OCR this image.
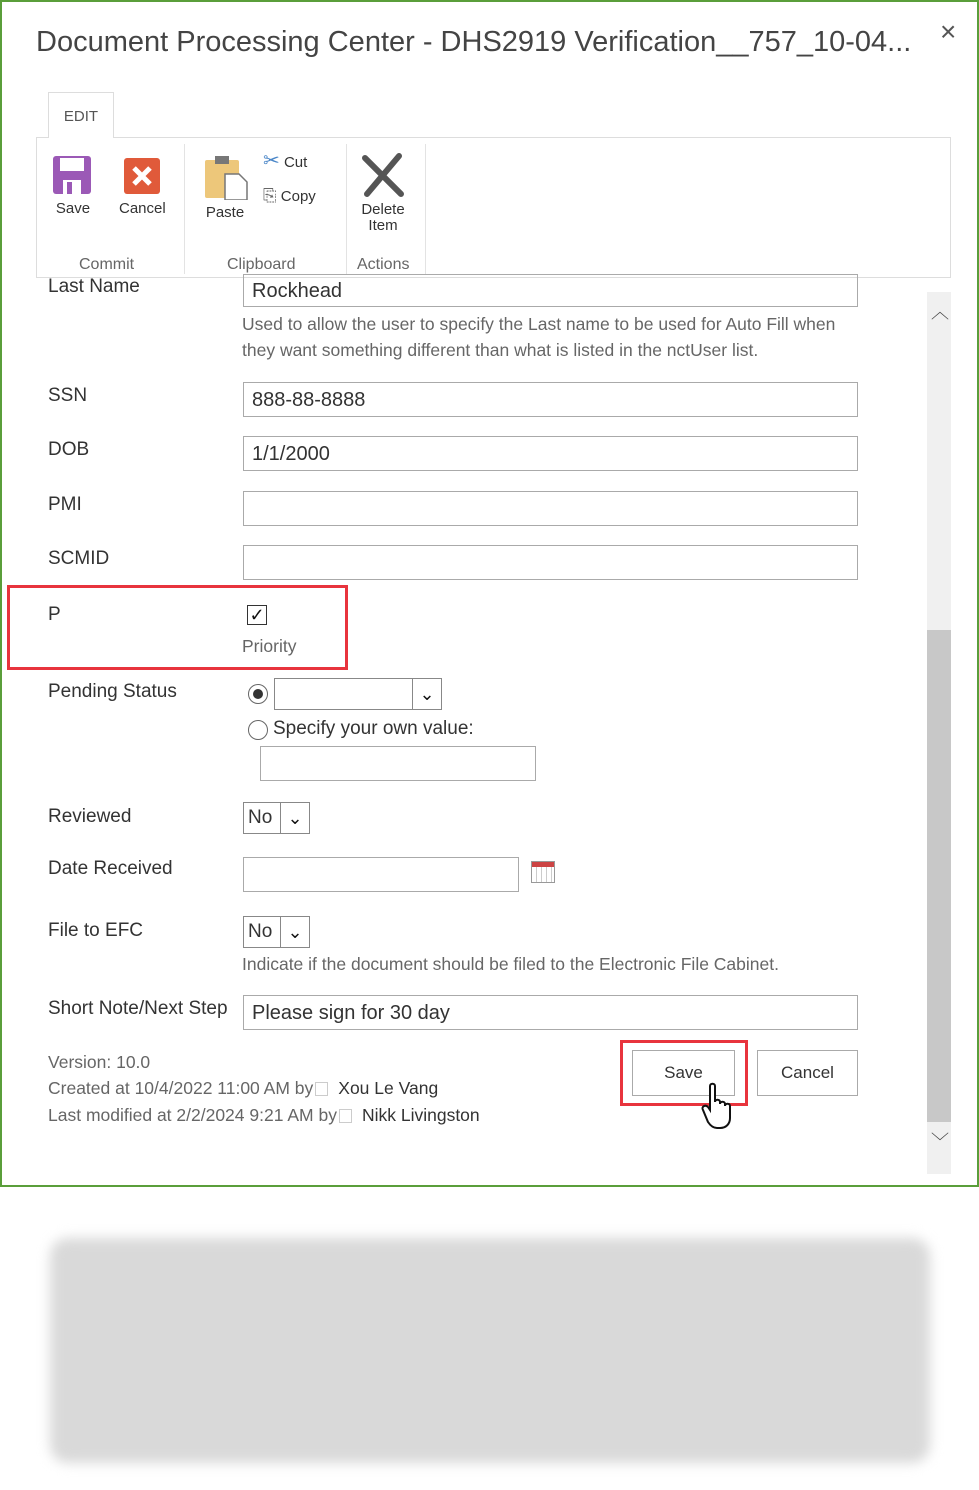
Document Processing Center - DHS2919 Verification__757_10-04... ×
EDIT
Save	Cancel
Commit
Paste
✂ Cut
⎘ Copy
Clipboard
Delete
Item
Actions
Last Name	Rockhead
Used to allow the user to specify the Last name to be used for Auto Fill when they want something different than what is listed in the nctUser list.
SSN	888-88-8888
DOB	1/1/2000
PMI
SCMID
P	✓
Priority
Pending Status	⌄
Specify your own value:
Reviewed	No ⌄
Date Received
File to EFC	No ⌄
Indicate if the document should be filed to the Electronic File Cabinet.
Short Note/Next Step	Please sign for 30 day
Version: 10.0
Created at 10/4/2022 11:00 AM by Xou Le Vang
Last modified at 2/2/2024 9:21 AM by Nikk Livingston
Save	Cancel
︿
﹀
